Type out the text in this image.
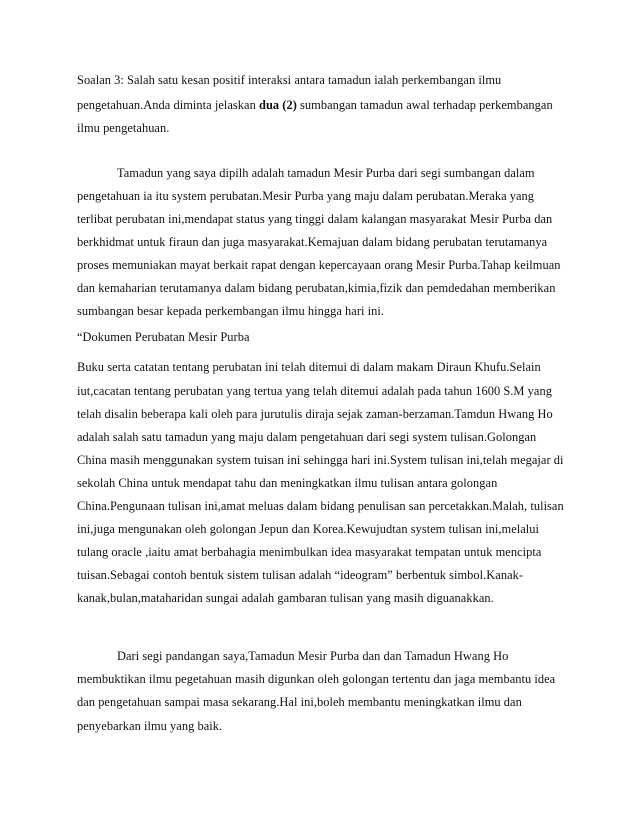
Soalan 3: Salah satu kesan positif interaksi antara tamadun ialah perkembangan ilmu

pengetahuan.Anda diminta jelaskan dua (2) sumbangan tamadun awal terhadap perkembangan

ilmu pengetahuan.

Tamadun yang saya dipilh adalah tamadun Mesir Purba dari segi sumbangan dalam

pengetahuan ia itu system perubatan.Mesir Purba yang maju dalam perubatan.Meraka yang

terlibat perubatan ini,mendapat status yang tinggi dalam kalangan masyarakat Mesir Purba dan

berkhidmat untuk firaun dan juga masyarakat.Kemajuan dalam bidang perubatan terutamanya

proses memuniakan mayat berkait rapat dengan kepercayaan orang Mesir Purba.Tahap keilmuan

dan kemaharian terutamanya dalam bidang perubatan,kimia,fizik dan pemdedahan memberikan

sumbangan besar kepada perkembangan ilmu hingga hari ini.

“Dokumen Perubatan Mesir Purba

Buku serta catatan tentang perubatan ini telah ditemui di dalam makam Diraun Khufu.Selain

iut,cacatan tentang perubatan yang tertua yang telah ditemui adalah pada tahun 1600 S.M yang

telah disalin beberapa kali oleh para jurutulis diraja sejak zaman-berzaman.Tamdun Hwang Ho

adalah salah satu tamadun yang maju dalam pengetahuan dari segi system tulisan.Golongan

China masih menggunakan system tuisan ini sehingga hari ini.System tulisan ini,telah megajar di

sekolah China untuk mendapat tahu dan meningkatkan ilmu tulisan antara golongan

China.Pengunaan tulisan ini,amat meluas dalam bidang penulisan san percetakkan.Malah, tulisan

ini,juga mengunakan oleh golongan Jepun dan Korea.Kewujudtan system tulisan ini,melalui

tulang oracle ,iaitu amat berbahagia menimbulkan idea masyarakat tempatan untuk mencipta

tuisan.Sebagai contoh bentuk sistem tulisan adalah “ideogram” berbentuk simbol.Kanak-

kanak,bulan,mataharidan sungai adalah gambaran tulisan yang masih diguanakkan.

Dari segi pandangan saya,Tamadun Mesir Purba dan dan Tamadun Hwang Ho

membuktikan ilmu pegetahuan masih digunkan oleh golongan tertentu dan jaga membantu idea

dan pengetahuan sampai masa sekarang.Hal ini,boleh membantu meningkatkan ilmu dan

penyebarkan ilmu yang baik.
